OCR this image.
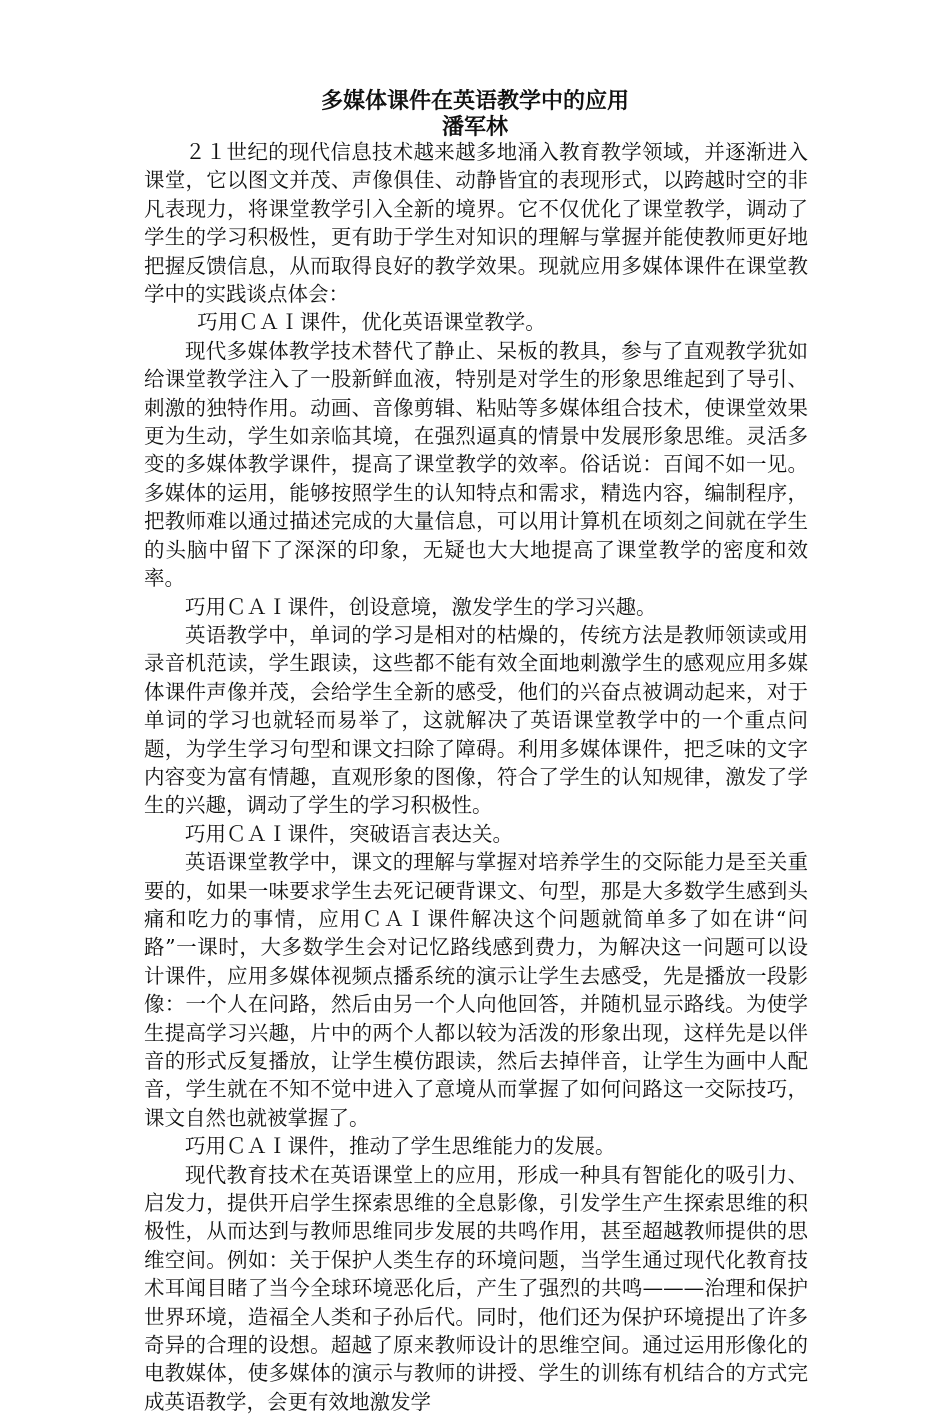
多媒体课件在英语教学中的应用
潘军林

２１世纪的现代信息技术越来越多地涌入教育教学领域，并逐渐进入课堂，它以图文并茂、声像俱佳、动静皆宜的表现形式，以跨越时空的非凡表现力，将课堂教学引入全新的境界。它不仅优化了课堂教学，调动了学生的学习积极性，更有助于学生对知识的理解与掌握并能使教师更好地把握反馈信息，从而取得良好的教学效果。现就应用多媒体课件在课堂教学中的实践谈点体会：

巧用ＣＡＩ课件，优化英语课堂教学。

现代多媒体教学技术替代了静止、呆板的教具，参与了直观教学犹如给课堂教学注入了一股新鲜血液，特别是对学生的形象思维起到了导引、刺激的独特作用。动画、音像剪辑、粘贴等多媒体组合技术，使课堂效果更为生动，学生如亲临其境，在强烈逼真的情景中发展形象思维。灵活多变的多媒体教学课件，提高了课堂教学的效率。俗话说：百闻不如一见。多媒体的运用，能够按照学生的认知特点和需求，精选内容，编制程序，把教师难以通过描述完成的大量信息，可以用计算机在顷刻之间就在学生的头脑中留下了深深的印象，无疑也大大地提高了课堂教学的密度和效率。

巧用ＣＡＩ课件，创设意境，激发学生的学习兴趣。

英语教学中，单词的学习是相对的枯燥的，传统方法是教师领读或用录音机范读，学生跟读，这些都不能有效全面地刺激学生的感观应用多媒体课件声像并茂，会给学生全新的感受，他们的兴奋点被调动起来，对于单词的学习也就轻而易举了，这就解决了英语课堂教学中的一个重点问题，为学生学习句型和课文扫除了障碍。利用多媒体课件，把乏味的文字内容变为富有情趣，直观形象的图像，符合了学生的认知规律，激发了学生的兴趣，调动了学生的学习积极性。

巧用ＣＡＩ课件，突破语言表达关。

英语课堂教学中，课文的理解与掌握对培养学生的交际能力是至关重要的，如果一味要求学生去死记硬背课文、句型，那是大多数学生感到头痛和吃力的事情，应用ＣＡＩ课件解决这个问题就简单多了如在讲“问路”一课时，大多数学生会对记忆路线感到费力，为解决这一问题可以设计课件，应用多媒体视频点播系统的演示让学生去感受，先是播放一段影像：一个人在问路，然后由另一个人向他回答，并随机显示路线。为使学生提高学习兴趣，片中的两个人都以较为活泼的形象出现，这样先是以伴音的形式反复播放，让学生模仿跟读，然后去掉伴音，让学生为画中人配音，学生就在不知不觉中进入了意境从而掌握了如何问路这一交际技巧，课文自然也就被掌握了。

巧用ＣＡＩ课件，推动了学生思维能力的发展。

现代教育技术在英语课堂上的应用，形成一种具有智能化的吸引力、启发力，提供开启学生探索思维的全息影像，引发学生产生探索思维的积极性，从而达到与教师思维同步发展的共鸣作用，甚至超越教师提供的思维空间。例如：关于保护人类生存的环境问题，当学生通过现代化教育技术耳闻目睹了当今全球环境恶化后，产生了强烈的共鸣———治理和保护世界环境，造福全人类和子孙后代。同时，他们还为保护环境提出了许多奇异的合理的设想。超越了原来教师设计的思维空间。通过运用形像化的电教媒体，使多媒体的演示与教师的讲授、学生的训练有机结合的方式完成英语教学，会更有效地激发学
